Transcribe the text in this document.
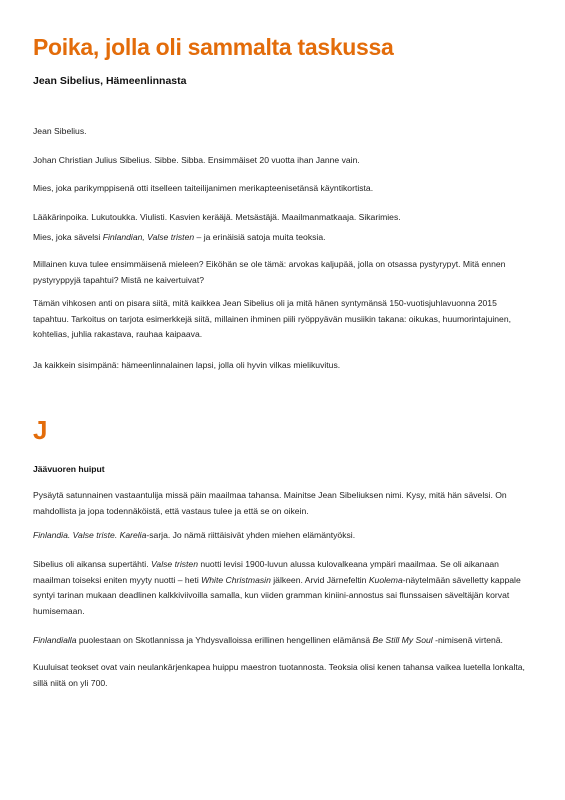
Poika, jolla oli sammalta taskussa
Jean Sibelius, Hämeenlinnasta

Jean Sibelius.

Johan Christian Julius Sibelius. Sibbe. Sibba. Ensimmäiset 20 vuotta ihan Janne vain.

Mies, joka parikymppisenä otti itselleen taiteilijanimen merikapteenisetänsä käyntikortista.

Lääkärinpoika. Lukutoukka. Viulisti. Kasvien kerääjä. Metsästäjä. Maailmanmatkaaja. Sikarimies.

Mies, joka sävelsi Finlandian, Valse tristen – ja erinäisiä satoja muita teoksia.

Millainen kuva tulee ensimmäisenä mieleen? Eiköhän se ole tämä: arvokas kaljupää, jolla on otsassa pystyrypyt. Mitä ennen pystyryppyjä tapahtui? Mistä ne kaivertuivat?

Tämän vihkosen anti on pisara siitä, mitä kaikkea Jean Sibelius oli ja mitä hänen syntymänsä 150-vuotisjuhlavuonna 2015 tapahtuu. Tarkoitus on tarjota esimerkkejä siitä, millainen ihminen piili ryöppyävän musiikin takana: oikukas, huumorintajuinen, kohtelias, juhlia rakastava, rauhaa kaipaava.

Ja kaikkein sisimpänä: hämeenlinnalainen lapsi, jolla oli hyvin vilkas mielikuvitus.

J
Jäävuoren huiput

Pysäytä satunnainen vastaantulija missä päin maailmaa tahansa. Mainitse Jean Sibeliuksen nimi. Kysy, mitä hän sävelsi. On mahdollista ja jopa todennäköistä, että vastaus tulee ja että se on oikein.

Finlandia. Valse triste. Karelia-sarja. Jo nämä riittäisivät yhden miehen elämäntyöksi.

Sibelius oli aikansa supertähti. Valse tristen nuotti levisi 1900-luvun alussa kulovalkeana ympäri maailmaa. Se oli aikanaan maailman toiseksi eniten myyty nuotti – heti White Christmasin jälkeen. Arvid Järnefeltin Kuolema-näytelmään sävelletty kappale syntyi tarinan mukaan deadlinen kalkkiviivoilla samalla, kun viiden gramman kiniini-annostus sai flunssaisen säveltäjän korvat humisemaan.

Finlandialla puolestaan on Skotlannissa ja Yhdysvalloissa erillinen hengellinen elämänsä Be Still My Soul -nimisenä virtenä.

Kuuluisat teokset ovat vain neulankärjenkapea huippu maestron tuotannosta. Teoksia olisi kenen tahansa vaikea luetella lonkalta, sillä niitä on yli 700.
